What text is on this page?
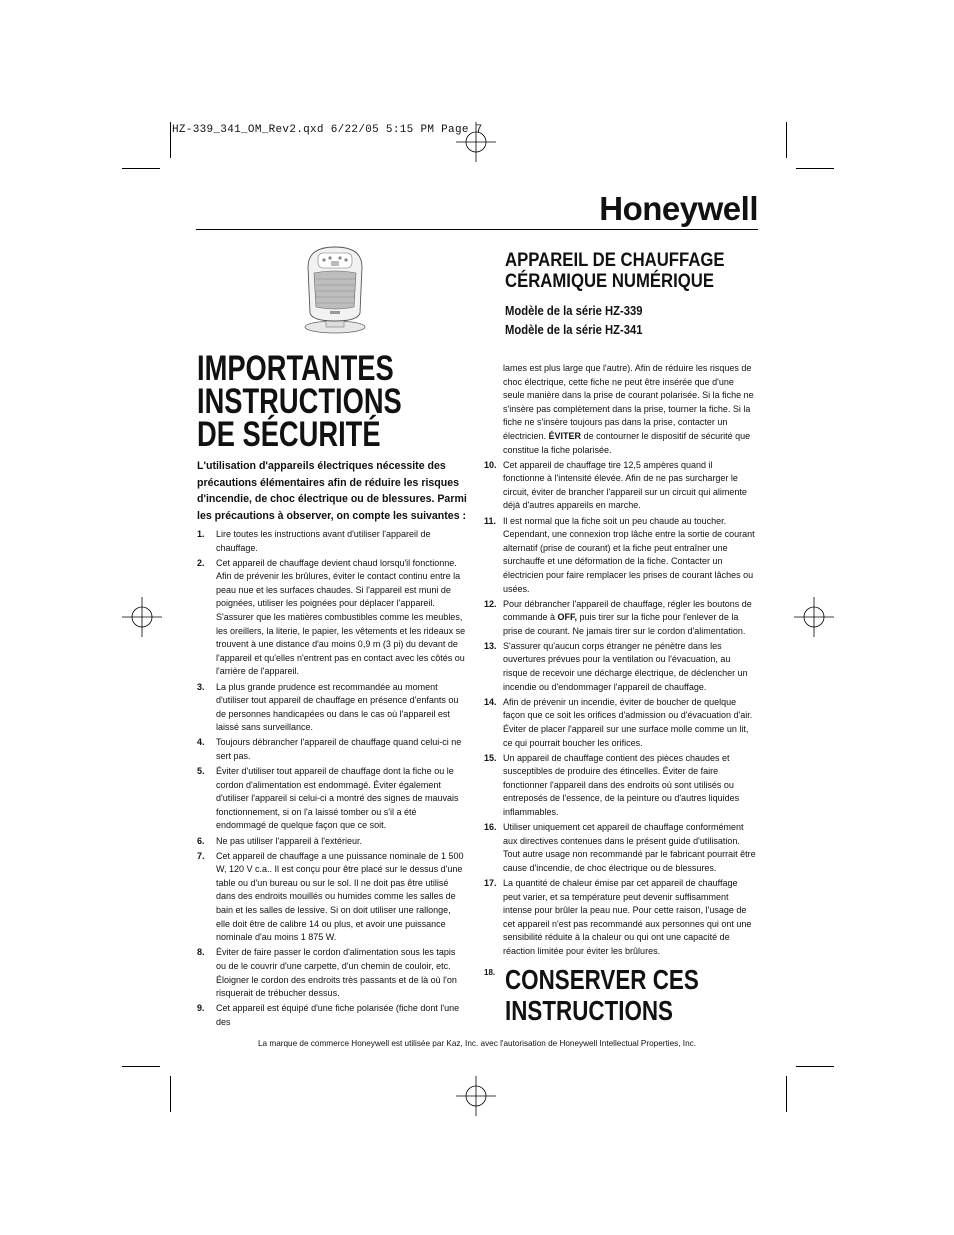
HZ-339_341_OM_Rev2.qxd 6/22/05 5:15 PM Page 7
Honeywell
APPAREIL DE CHAUFFAGE
CÉRAMIQUE NUMÉRIQUE
Modèle de la série HZ-339
Modèle de la série HZ-341
IMPORTANTES
INSTRUCTIONS
DE SÉCURITÉ
L'utilisation d'appareils électriques nécessite des précautions élémentaires afin de réduire les risques d'incendie, de choc électrique ou de blessures. Parmi les précautions à observer, on compte les suivantes :
1. Lire toutes les instructions avant d'utiliser l'appareil de chauffage.
2. Cet appareil de chauffage devient chaud lorsqu'il fonctionne. Afin de prévenir les brûlures, éviter le contact continu entre la peau nue et les surfaces chaudes. Si l'appareil est muni de poignées, utiliser les poignées pour déplacer l'appareil. S'assurer que les matières combustibles comme les meubles, les oreillers, la literie, le papier, les vêtements et les rideaux se trouvent à une distance d'au moins 0,9 m (3 pi) du devant de l'appareil et qu'elles n'entrent pas en contact avec les côtés ou l'arrière de l'appareil.
3. La plus grande prudence est recommandée au moment d'utiliser tout appareil de chauffage en présence d'enfants ou de personnes handicapées ou dans le cas où l'appareil est laissé sans surveillance.
4. Toujours débrancher l'appareil de chauffage quand celui-ci ne sert pas.
5. Éviter d'utiliser tout appareil de chauffage dont la fiche ou le cordon d'alimentation est endommagé. Éviter également d'utiliser l'appareil si celui-ci a montré des signes de mauvais fonctionnement, si on l'a laissé tomber ou s'il a été endommagé de quelque façon que ce soit.
6. Ne pas utiliser l'appareil à l'extérieur.
7. Cet appareil de chauffage a une puissance nominale de 1 500 W, 120 V c.a.. Il est conçu pour être placé sur le dessus d'une table ou d'un bureau ou sur le sol. Il ne doit pas être utilisé dans des endroits mouillés ou humides comme les salles de bain et les salles de lessive. Si on doit utiliser une rallonge, elle doit être de calibre 14 ou plus, et avoir une puissance nominale d'au moins 1 875 W.
8. Éviter de faire passer le cordon d'alimentation sous les tapis ou de le couvrir d'une carpette, d'un chemin de couloir, etc. Éloigner le cordon des endroits très passants et de là où l'on risquerait de trébucher dessus.
9. Cet appareil est équipé d'une fiche polarisée (fiche dont l'une des
lames est plus large que l'autre). Afin de réduire les risques de choc électrique, cette fiche ne peut être insérée que d'une seule manière dans la prise de courant polarisée. Si la fiche ne s'insère pas complètement dans la prise, tourner la fiche. Si la fiche ne s'insère toujours pas dans la prise, contacter un électricien. ÉVITER de contourner le dispositif de sécurité que constitue la fiche polarisée.
10. Cet appareil de chauffage tire 12,5 ampères quand il fonctionne à l'intensité élevée. Afin de ne pas surcharger le circuit, éviter de brancher l'appareil sur un circuit qui alimente déjà d'autres appareils en marche.
11. Il est normal que la fiche soit un peu chaude au toucher. Cependant, une connexion trop lâche entre la sortie de courant alternatif (prise de courant) et la fiche peut entraîner une surchauffe et une déformation de la fiche. Contacter un électricien pour faire remplacer les prises de courant lâches ou usées.
12. Pour débrancher l'appareil de chauffage, régler les boutons de commande à OFF, puis tirer sur la fiche pour l'enlever de la prise de courant. Ne jamais tirer sur le cordon d'alimentation.
13. S'assurer qu'aucun corps étranger ne pénètre dans les ouvertures prévues pour la ventilation ou l'évacuation, au risque de recevoir une décharge électrique, de déclencher un incendie ou d'endommager l'appareil de chauffage.
14. Afin de prévenir un incendie, éviter de boucher de quelque façon que ce soit les orifices d'admission ou d'évacuation d'air. Éviter de placer l'appareil sur une surface molle comme un lit, ce qui pourrait boucher les orifices.
15. Un appareil de chauffage contient des pièces chaudes et susceptibles de produire des étincelles. Éviter de faire fonctionner l'appareil dans des endroits où sont utilisés ou entreposés de l'essence, de la peinture ou d'autres liquides inflammables.
16. Utiliser uniquement cet appareil de chauffage conformément aux directives contenues dans le présent guide d'utilisation. Tout autre usage non recommandé par le fabricant pourrait être cause d'incendie, de choc électrique ou de blessures.
17. La quantité de chaleur émise par cet appareil de chauffage peut varier, et sa température peut devenir suffisamment intense pour brûler la peau nue. Pour cette raison, l'usage de cet appareil n'est pas recommandé aux personnes qui ont une sensibilité réduite à la chaleur ou qui ont une capacité de réaction limitée pour éviter les brûlures.
18. CONSERVER CES
INSTRUCTIONS
La marque de commerce Honeywell est utilisée par Kaz, Inc. avec l'autorisation de Honeywell Intellectual Properties, Inc.
